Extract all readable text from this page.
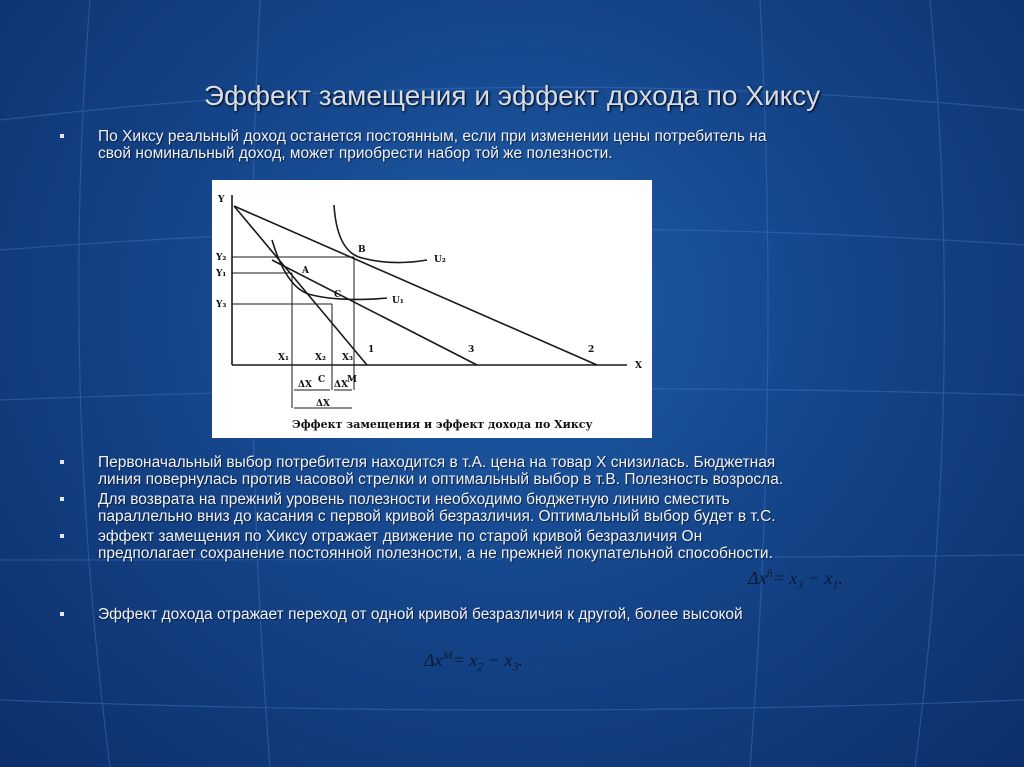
Эффект замещения и эффект дохода по Хиксу
По Хиксу реальный доход останется постоянным, если при изменении цены потребитель на
свой номинальный доход, может приобрести набор той же полезности.
Y
X
Y₂
Y₁
Y₃
X₁	X₂ X₃
A
B
C
U₂
U₁
1	3	2
ΔX C ΔX M
ΔX
Эффект замещения и эффект дохода по Хиксу
Первоначальный выбор потребителя находится в т.А. цена на товар Х снизилась. Бюджетная
линия повернулась против часовой стрелки и оптимальный выбор в т.В. Полезность возросла.
Для возврата на прежний уровень полезности необходимо бюджетную линию сместить
параллельно вниз до касания с первой кривой безразличия. Оптимальный выбор будет в т.С.
эффект замещения по Хиксу отражает движение по старой кривой безразличия Он
предполагает сохранение постоянной полезности, а не прежней покупательной способности.
$\Delta x^ñ= x_3 - x_1$.
Эффект дохода отражает переход от одной кривой безразличия к другой, более высокой
$\Delta x^M= x_2 - x_3$.
